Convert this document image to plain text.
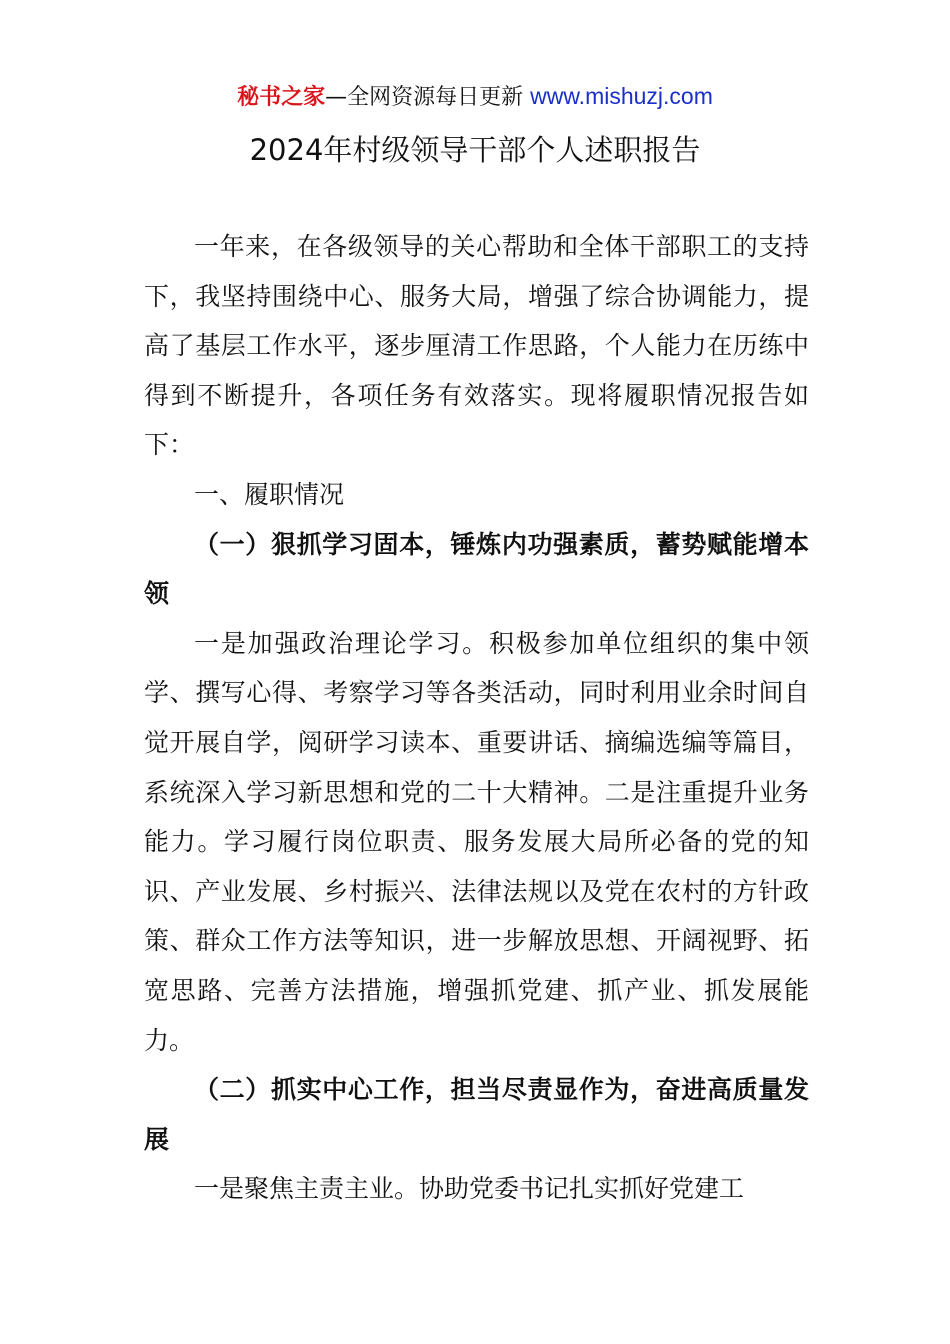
秘书之家—全网资源每日更新 www.mishuzj.com
2024年村级领导干部个人述职报告

一年来，在各级领导的关心帮助和全体干部职工的支持下，我坚持围绕中心、服务大局，增强了综合协调能力，提高了基层工作水平，逐步厘清工作思路，个人能力在历练中得到不断提升，各项任务有效落实。现将履职情况报告如下：

一、履职情况

（一）狠抓学习固本，锤炼内功强素质，蓄势赋能增本领

一是加强政治理论学习。积极参加单位组织的集中领学、撰写心得、考察学习等各类活动，同时利用业余时间自觉开展自学，阅研学习读本、重要讲话、摘编选编等篇目，系统深入学习新思想和党的二十大精神。二是注重提升业务能力。学习履行岗位职责、服务发展大局所必备的党的知识、产业发展、乡村振兴、法律法规以及党在农村的方针政策、群众工作方法等知识，进一步解放思想、开阔视野、拓宽思路、完善方法措施，增强抓党建、抓产业、抓发展能力。

（二）抓实中心工作，担当尽责显作为，奋进高质量发展

一是聚焦主责主业。协助党委书记扎实抓好党建工
